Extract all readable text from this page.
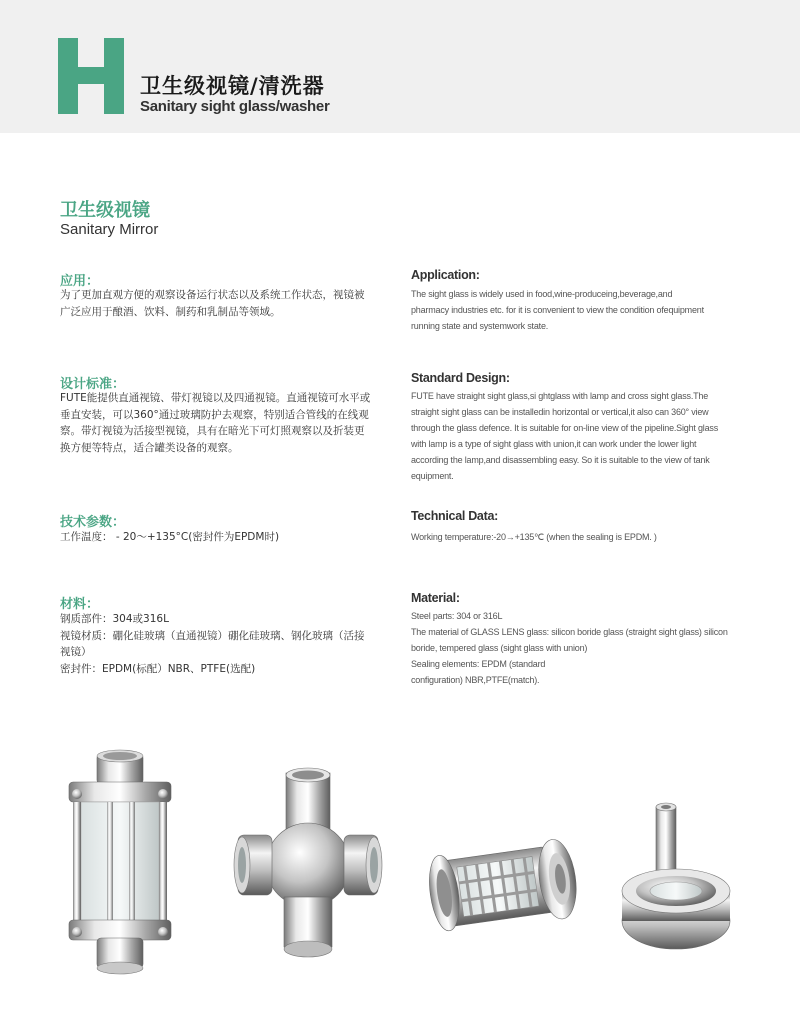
卫生级视镜/清洗器
Sanitary sight glass/washer
卫生级视镜
Sanitary Mirror
应用：
为了更加直观方便的观察设备运行状态以及系统工作状态，视镜被
广泛应用于酿酒、饮料、制药和乳制品等领域。
Application:
The sight glass is widely used in food,wine-produceing,beverage,and
pharmacy industries etc. for it is convenient to view the condition ofequipment
running state and systemwork state.
设计标准：
FUTE能提供直通视镜、带灯视镜以及四通视镜。直通视镜可水平或
垂直安装，可以360°通过玻璃防护去观察，特别适合管线的在线观
察。带灯视镜为活接型视镜，具有在暗光下可灯照观察以及折装更
换方便等特点，适合罐类设备的观察。
Standard Design:
FUTE have straight sight glass,si ghtglass with lamp and cross sight glass.The
straight sight glass can be installedin horizontal or vertical,it also can 360° view
through the glass defence. It is suitable for on-line view of the pipeline.Sight glass
with lamp is a type of sight glass with union,it can work under the lower light
according the lamp,and disassembling easy. So it is suitable to the view of tank
equipment.
技术参数：
工作温度： - 20～+135°C(密封件为EPDM时)
Technical Data:
Working temperature:-20→+135℃ (when the sealing is EPDM. )
材料：
钢质部件：304或316L
视镜材质：硼化硅玻璃（直通视镜）硼化硅玻璃、钢化玻璃（活接
视镜）
密封件：EPDM(标配）NBR、PTFE(选配)
Material:
Steel parts: 304 or 316L
The material of GLASS LENS glass: silicon boride glass (straight sight glass) silicon
boride, tempered glass (sight glass with union)
Sealing elements: EPDM (standard
configuration) NBR,PTFE(match).
